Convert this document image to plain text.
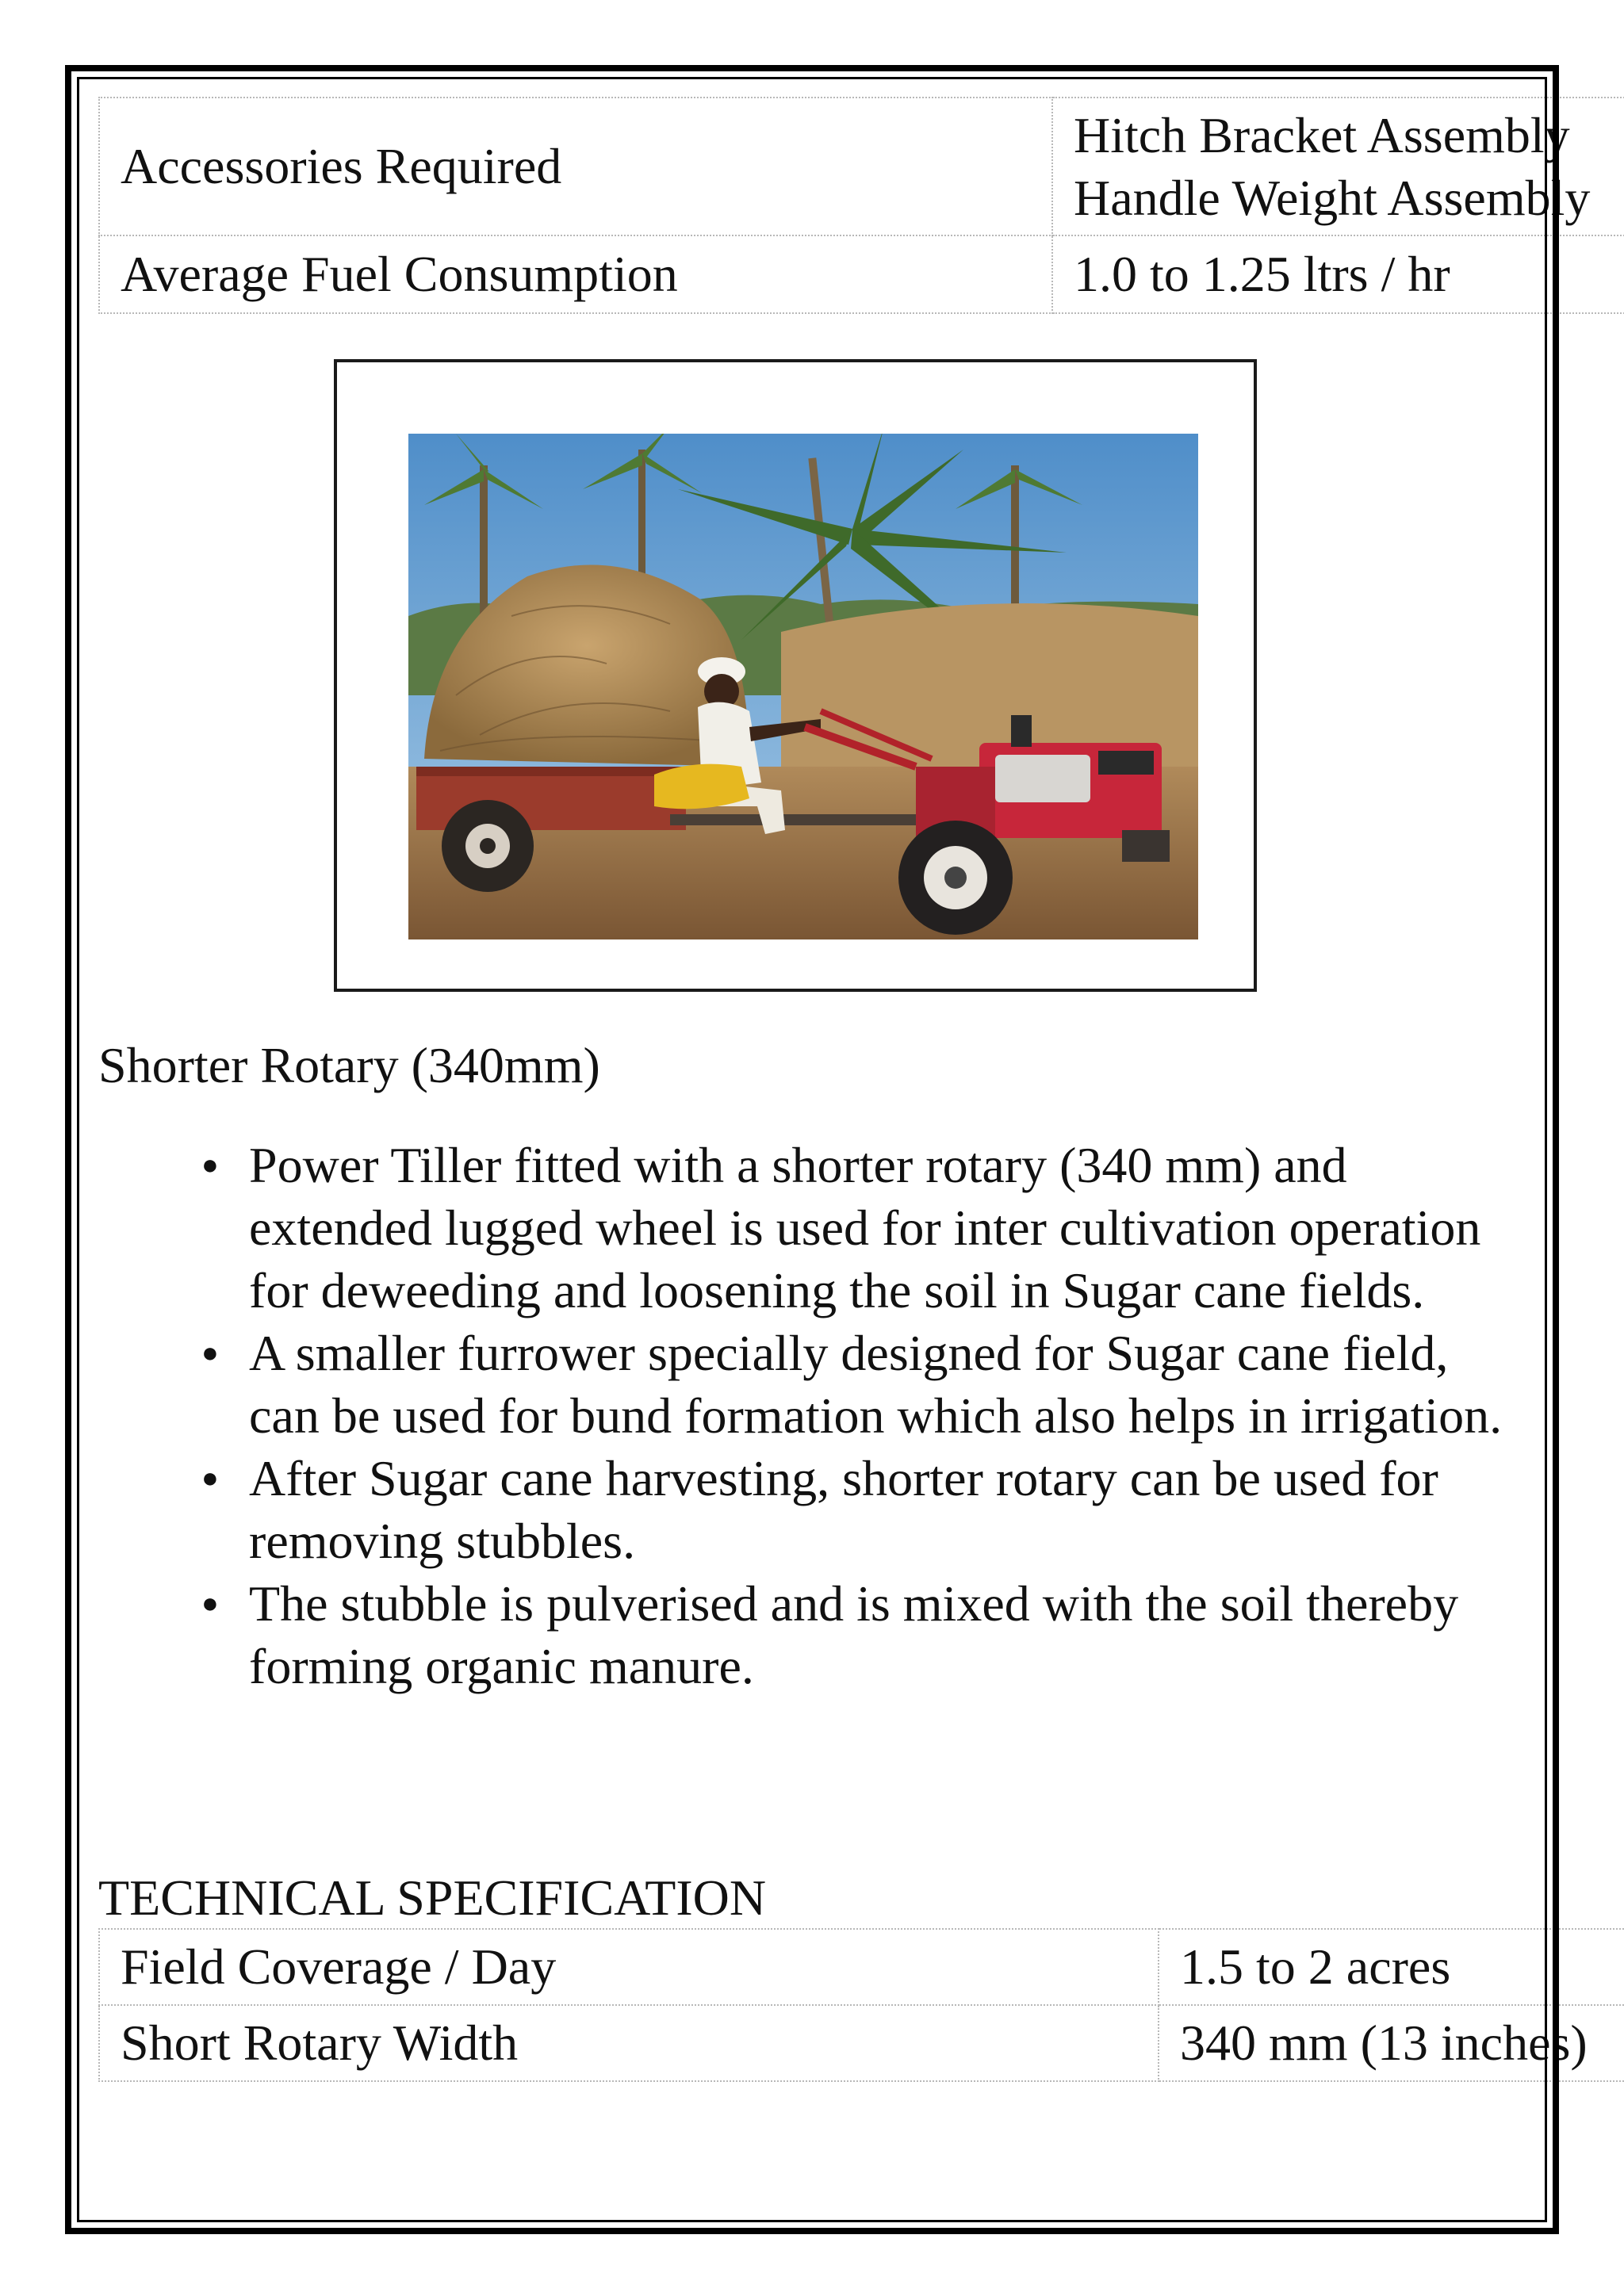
Accessories Required	Hitch Bracket Assembly
Handle Weight Assembly

Average Fuel Consumption	1.0 to 1.25 ltrs / hr
Shorter Rotary (340mm)
● Power Tiller fitted with a shorter rotary (340 mm) and extended lugged wheel is used for inter cultivation operation for deweeding and loosening the soil in Sugar cane fields.
● A smaller furrower specially designed for Sugar cane field, can be used for bund formation which also helps in irrigation.
● After Sugar cane harvesting, shorter rotary can be used for removing stubbles.
● The stubble is pulverised and is mixed with the soil thereby forming organic manure.
TECHNICAL SPECIFICATION
Field Coverage / Day	1.5 to 2 acres
Short Rotary Width	340 mm (13 inches)
